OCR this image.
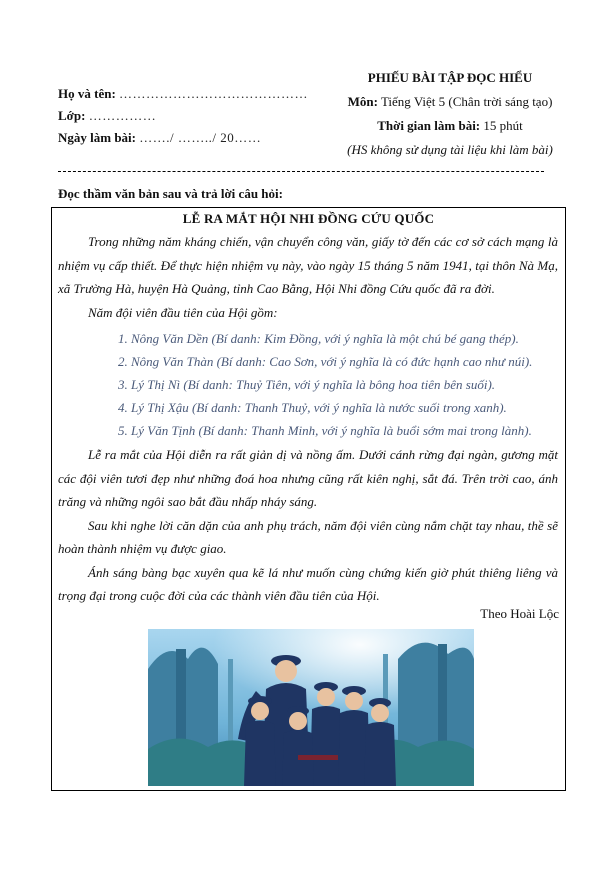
Họ và tên: ……………………………………
Lớp: ……………
Ngày làm bài: ……./ ……../ 20……
PHIẾU BÀI TẬP ĐỌC HIỂU
Môn: Tiếng Việt 5 (Chân trời sáng tạo)
Thời gian làm bài: 15 phút
(HS không sử dụng tài liệu khi làm bài)
Đọc thầm văn bản sau và trả lời câu hỏi:
LỄ RA MẮT HỘI NHI ĐỒNG CỨU QUỐC

Trong những năm kháng chiến, vận chuyển công văn, giấy tờ đến các cơ sở cách mạng là nhiệm vụ cấp thiết. Để thực hiện nhiệm vụ này, vào ngày 15 tháng 5 năm 1941, tại thôn Nà Mạ, xã Trường Hà, huyện Hà Quảng, tỉnh Cao Bằng, Hội Nhi đồng Cứu quốc đã ra đời.

Năm đội viên đầu tiên của Hội gồm:

1. Nông Văn Dền (Bí danh: Kim Đồng, với ý nghĩa là một chú bé gang thép).
2. Nông Văn Thàn (Bí danh: Cao Sơn, với ý nghĩa là có đức hạnh cao như núi).
3. Lý Thị Nì (Bí danh: Thuỷ Tiên, với ý nghĩa là bông hoa tiên bên suối).
4. Lý Thị Xậu (Bí danh: Thanh Thuỷ, với ý nghĩa là nước suối trong xanh).
5. Lý Văn Tịnh (Bí danh: Thanh Minh, với ý nghĩa là buổi sớm mai trong lành).

Lễ ra mắt của Hội diễn ra rất giản dị và nồng ấm. Dưới cánh rừng đại ngàn, gương mặt các đội viên tươi đẹp như những đoá hoa nhưng cũng rất kiên nghị, sắt đá. Trên trời cao, ánh trăng và những ngôi sao bắt đầu nhấp nháy sáng.

Sau khi nghe lời căn dặn của anh phụ trách, năm đội viên cùng nắm chặt tay nhau, thề sẽ hoàn thành nhiệm vụ được giao.

Ánh sáng bàng bạc xuyên qua kẽ lá như muốn cùng chứng kiến giờ phút thiêng liêng và trọng đại trong cuộc đời của các thành viên đầu tiên của Hội.

Theo Hoài Lộc
